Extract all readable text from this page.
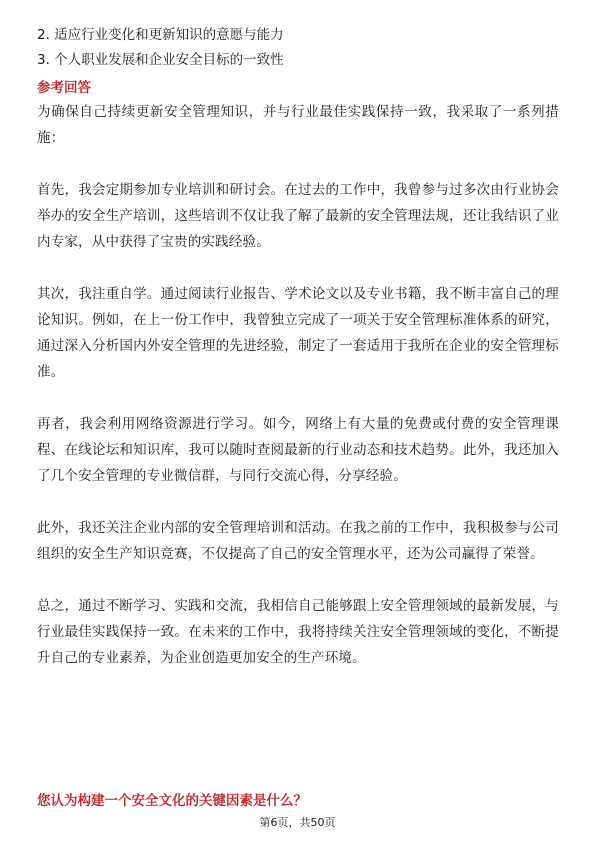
2. 适应行业变化和更新知识的意愿与能力

3. 个人职业发展和企业安全目标的一致性

参考回答

为确保自己持续更新安全管理知识，并与行业最佳实践保持一致，我采取了一系列措施：

首先，我会定期参加专业培训和研讨会。在过去的工作中，我曾参与过多次由行业协会举办的安全生产培训，这些培训不仅让我了解了最新的安全管理法规，还让我结识了业内专家，从中获得了宝贵的实践经验。

其次，我注重自学。通过阅读行业报告、学术论文以及专业书籍，我不断丰富自己的理论知识。例如，在上一份工作中，我曾独立完成了一项关于安全管理标准体系的研究，通过深入分析国内外安全管理的先进经验，制定了一套适用于我所在企业的安全管理标准。

再者，我会利用网络资源进行学习。如今，网络上有大量的免费或付费的安全管理课程、在线论坛和知识库，我可以随时查阅最新的行业动态和技术趋势。此外，我还加入了几个安全管理的专业微信群，与同行交流心得，分享经验。

此外，我还关注企业内部的安全管理培训和活动。在我之前的工作中，我积极参与公司组织的安全生产知识竞赛，不仅提高了自己的安全管理水平，还为公司赢得了荣誉。

总之，通过不断学习、实践和交流，我相信自己能够跟上安全管理领域的最新发展，与行业最佳实践保持一致。在未来的工作中，我将持续关注安全管理领域的变化，不断提升自己的专业素养，为企业创造更加安全的生产环境。

您认为构建一个安全文化的关键因素是什么？
第6页，共50页
